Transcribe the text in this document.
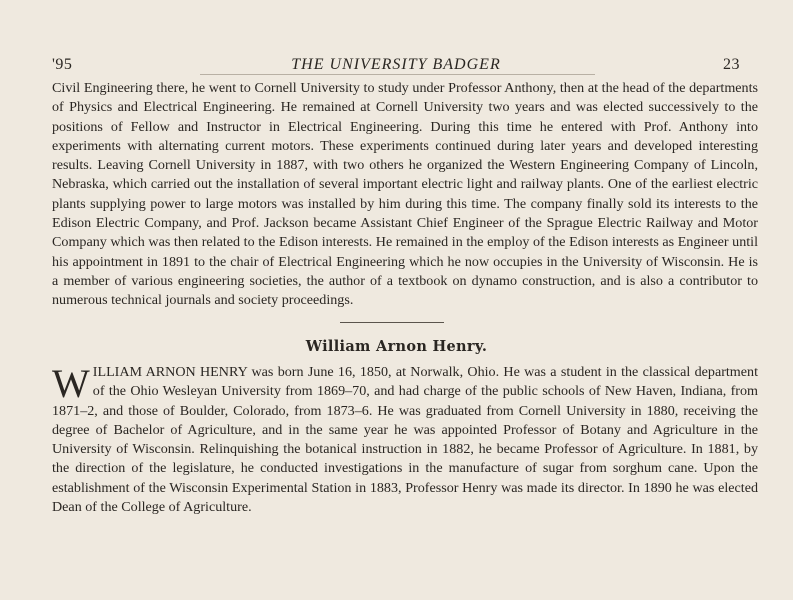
'95	THE UNIVERSITY BADGER	23
Civil Engineering there, he went to Cornell University to study under Professor Anthony, then at the head of the departments of Physics and Electrical Engineering. He remained at Cornell University two years and was elected successively to the positions of Fellow and Instructor in Electrical Engineering. During this time he entered with Prof. Anthony into experiments with alternating current motors. These experiments continued during later years and developed interesting results. Leaving Cornell University in 1887, with two others he organized the Western Engineering Company of Lincoln, Nebraska, which carried out the installation of several important electric light and railway plants. One of the earliest electric plants supplying power to large motors was installed by him during this time. The company finally sold its interests to the Edison Electric Company, and Prof. Jackson became Assistant Chief Engineer of the Sprague Electric Railway and Motor Company which was then related to the Edison interests. He remained in the employ of the Edison interests as Engineer until his appointment in 1891 to the chair of Electrical Engineering which he now occupies in the University of Wisconsin. He is a member of various engineering societies, the author of a textbook on dynamo construction, and is also a contributor to numerous technical journals and society proceedings.
William Arnon Henry.
WILLIAM ARNON HENRY was born June 16, 1850, at Norwalk, Ohio. He was a student in the classical department of the Ohio Wesleyan University from 1869–70, and had charge of the public schools of New Haven, Indiana, from 1871–2, and those of Boulder, Colorado, from 1873–6. He was graduated from Cornell University in 1880, receiving the degree of Bachelor of Agriculture, and in the same year he was appointed Professor of Botany and Agriculture in the University of Wisconsin. Relinquishing the botanical instruction in 1882, he became Professor of Agriculture. In 1881, by the direction of the legislature, he conducted investigations in the manufacture of sugar from sorghum cane. Upon the establishment of the Wisconsin Experimental Station in 1883, Professor Henry was made its director. In 1890 he was elected Dean of the College of Agriculture.
